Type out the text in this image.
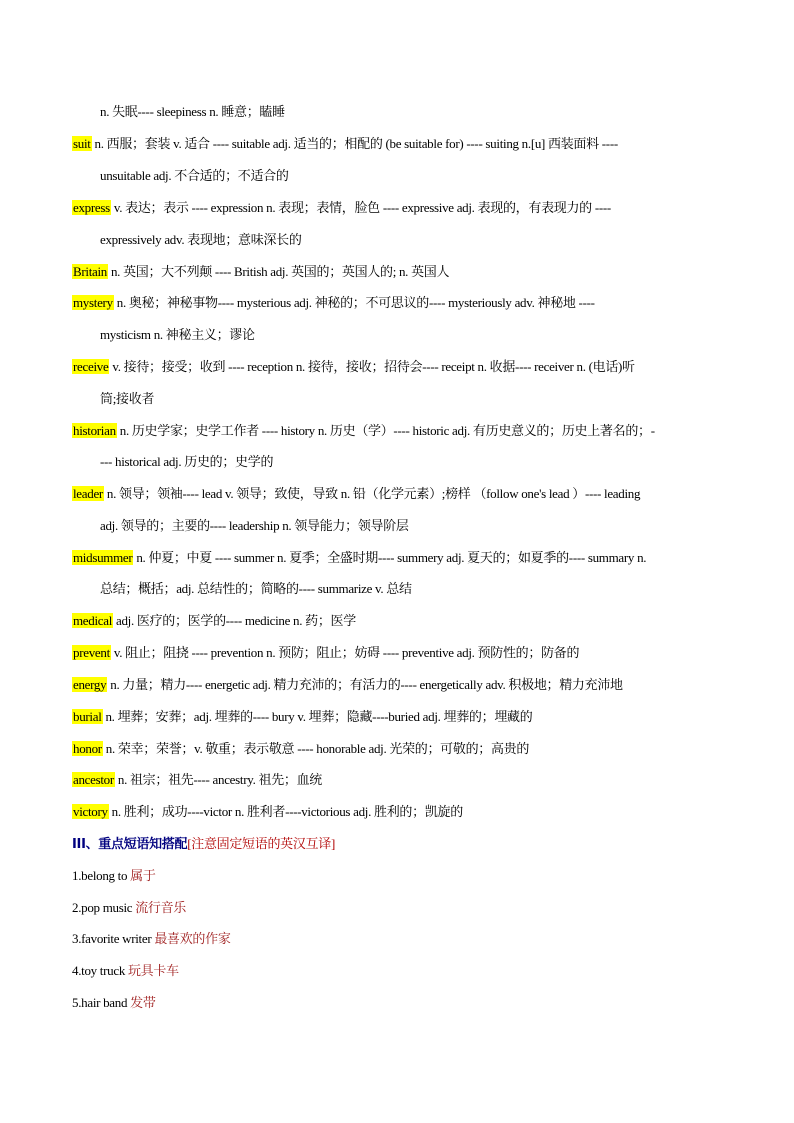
n. 失眠---- sleepiness n. 睡意；瞌睡
suit n. 西服；套装 v. 适合 ---- suitable adj. 适当的；相配的 (be suitable for) ---- suiting n.[u] 西装面料 ----
unsuitable adj. 不合适的；不适合的
express v. 表达；表示 ---- expression n. 表现；表情，脸色 ---- expressive adj. 表现的，有表现力的 ----
expressively adv. 表现地；意味深长的
Britain n. 英国；大不列颠 ---- British adj. 英国的；英国人的; n. 英国人
mystery n. 奥秘；神秘事物---- mysterious adj. 神秘的；不可思议的---- mysteriously adv. 神秘地 ----
mysticism n. 神秘主义；谬论
receive v. 接待；接受；收到 ---- reception n. 接待，接收；招待会---- receipt n. 收据---- receiver n. (电话)听
筒;接收者
historian n. 历史学家；史学工作者 ---- history n. 历史（学）---- historic adj. 有历史意义的；历史上著名的；-
--- historical adj. 历史的；史学的
leader n. 领导；领袖---- lead v. 领导；致使，导致 n. 铅（化学元素）;榜样 （follow one's lead ）---- leading
adj. 领导的；主要的---- leadership n. 领导能力；领导阶层
midsummer n. 仲夏；中夏 ---- summer n. 夏季；全盛时期---- summery adj. 夏天的；如夏季的---- summary n.
总结；概括；adj. 总结性的；简略的---- summarize v. 总结
medical adj. 医疗的；医学的---- medicine n. 药；医学
prevent v. 阻止；阻挠 ---- prevention n. 预防；阻止；妨碍 ---- preventive adj. 预防性的；防备的
energy n. 力量；精力---- energetic adj. 精力充沛的；有活力的---- energetically adv. 积极地；精力充沛地
burial n. 埋葬；安葬；adj. 埋葬的---- bury v. 埋葬；隐藏----buried adj. 埋葬的；埋藏的
honor n. 荣幸；荣誉；v. 敬重；表示敬意 ---- honorable adj. 光荣的；可敬的；高贵的
ancestor n. 祖宗；祖先---- ancestry. 祖先；血统
victory n. 胜利；成功----victor n. 胜利者----victorious adj. 胜利的；凯旋的
III、重点短语知搭配[注意固定短语的英汉互译]
1.belong to 属于
2.pop music 流行音乐
3.favorite writer 最喜欢的作家
4.toy truck 玩具卡车
5.hair band 发带
